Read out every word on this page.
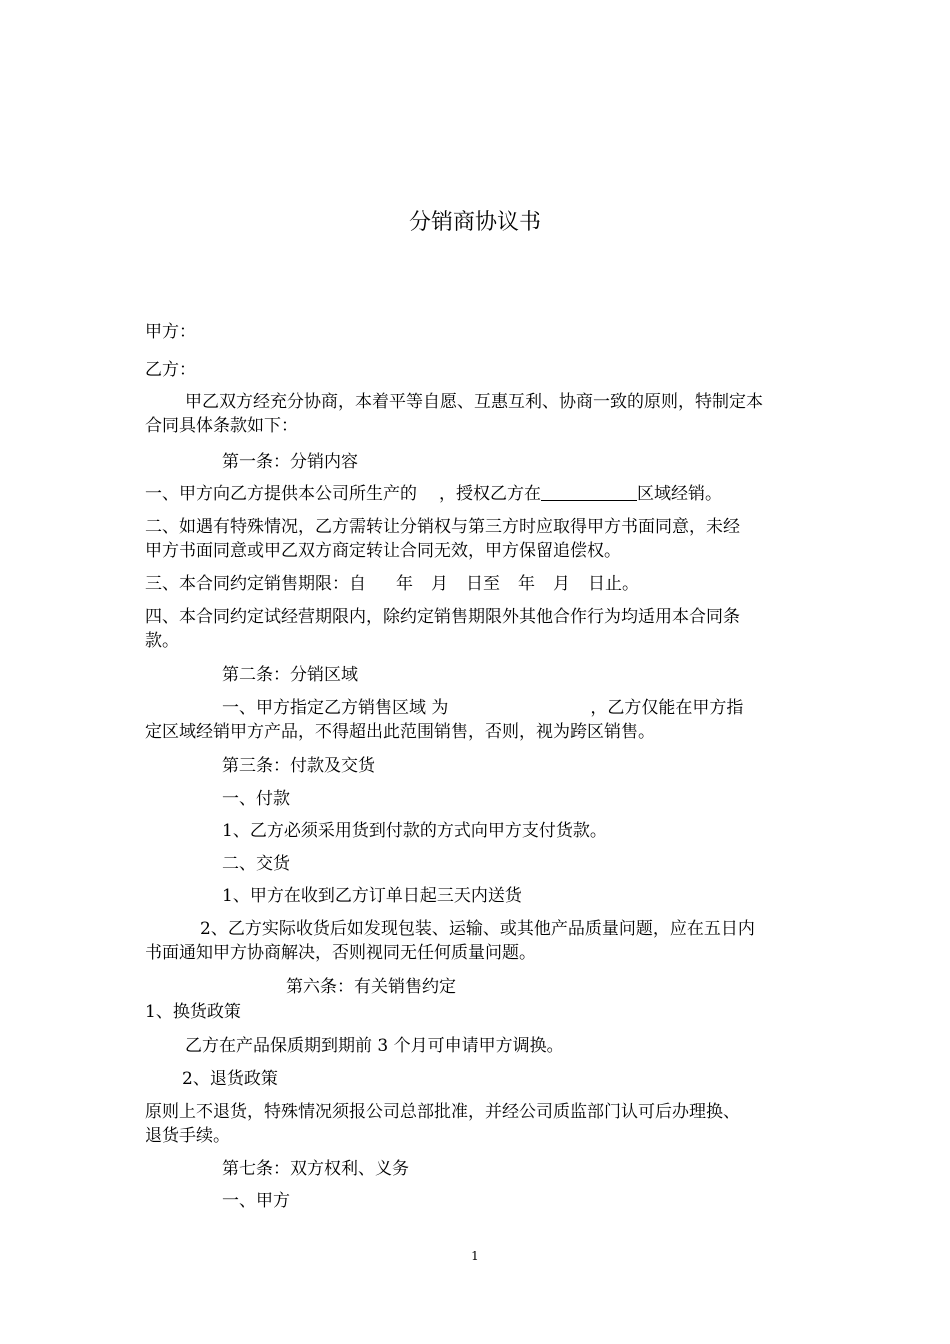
分销商协议书
甲方：
乙方：
甲乙双方经充分协商，本着平等自愿、互惠互利、协商一致的原则，特制定本
合同具体条款如下：
第一条：分销内容
一、甲方向乙方提供本公司所生产的 ，授权乙方在	区域经销。
二、如遇有特殊情况，乙方需转让分销权与第三方时应取得甲方书面同意，未经
甲方书面同意或甲乙双方商定转让合同无效，甲方保留追偿权。
三、本合同约定销售期限：自 年 月 日至 年 月 日止。
四、本合同约定试经营期限内，除约定销售期限外其他合作行为均适用本合同条
款。
第二条：分销区域
一、甲方指定乙方销售区域 为	，乙方仅能在甲方指
定区域经销甲方产品，不得超出此范围销售，否则，视为跨区销售。
第三条：付款及交货
一、付款
1、乙方必须采用货到付款的方式向甲方支付货款。
二、交货
1、甲方在收到乙方订单日起三天内送货
2、乙方实际收货后如发现包装、运输、或其他产品质量问题，应在五日内
书面通知甲方协商解决，否则视同无任何质量问题。
第六条：有关销售约定
1、换货政策
乙方在产品保质期到期前 3 个月可申请甲方调换。
2、退货政策
原则上不退货，特殊情况须报公司总部批准，并经公司质监部门认可后办理换、
退货手续。
第七条：双方权利、义务
一、甲方
1
